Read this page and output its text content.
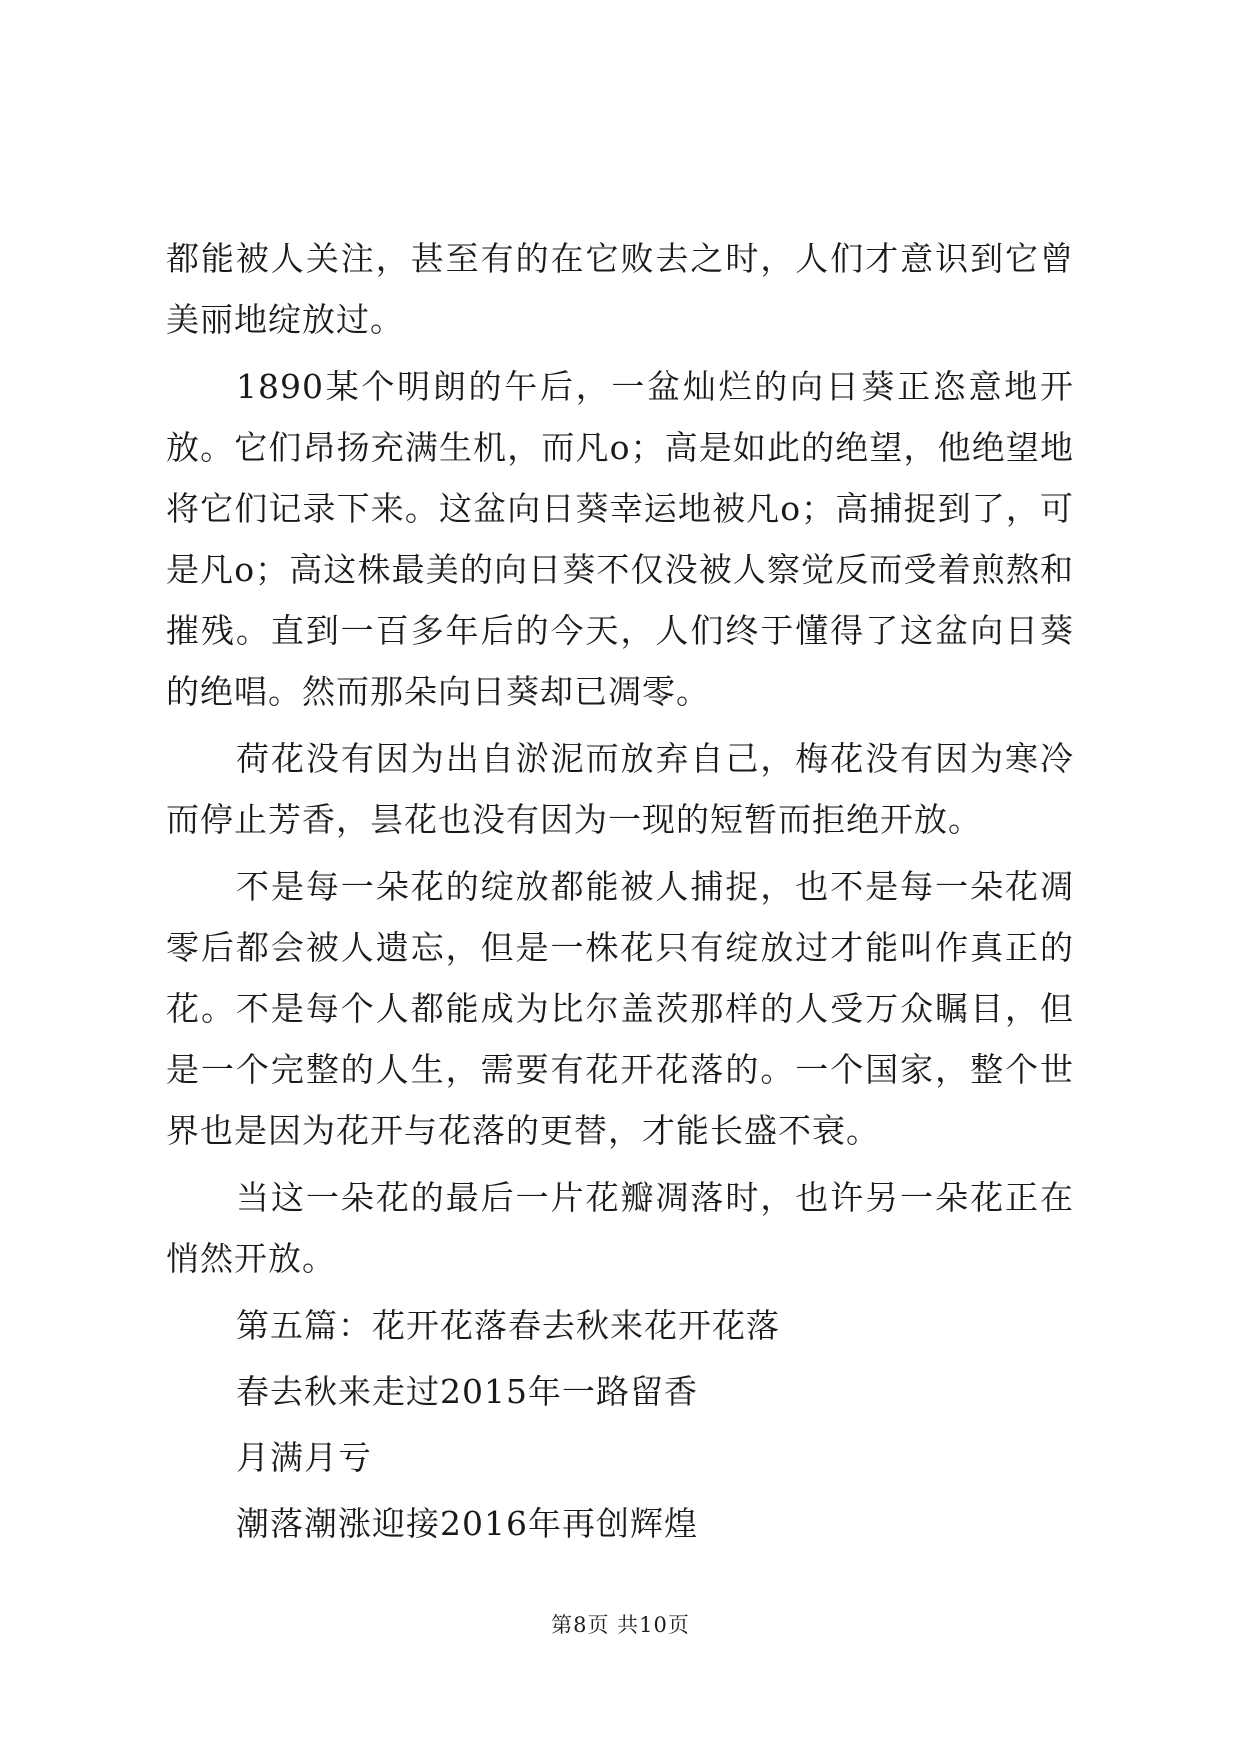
都能被人关注，甚至有的在它败去之时，人们才意识到它曾美丽地绽放过。

1890某个明朗的午后，一盆灿烂的向日葵正恣意地开放。它们昂扬充满生机，而凡o；高是如此的绝望，他绝望地将它们记录下来。这盆向日葵幸运地被凡o；高捕捉到了，可是凡o；高这株最美的向日葵不仅没被人察觉反而受着煎熬和摧残。直到一百多年后的今天，人们终于懂得了这盆向日葵的绝唱。然而那朵向日葵却已凋零。

荷花没有因为出自淤泥而放弃自己，梅花没有因为寒冷而停止芳香，昙花也没有因为一现的短暂而拒绝开放。

不是每一朵花的绽放都能被人捕捉，也不是每一朵花凋零后都会被人遗忘，但是一株花只有绽放过才能叫作真正的花。不是每个人都能成为比尔盖茨那样的人受万众瞩目，但是一个完整的人生，需要有花开花落的。一个国家，整个世界也是因为花开与花落的更替，才能长盛不衰。

当这一朵花的最后一片花瓣凋落时，也许另一朵花正在悄然开放。

第五篇：花开花落春去秋来花开花落

春去秋来走过2015年一路留香

月满月亏

潮落潮涨迎接2016年再创辉煌

第8页 共10页
